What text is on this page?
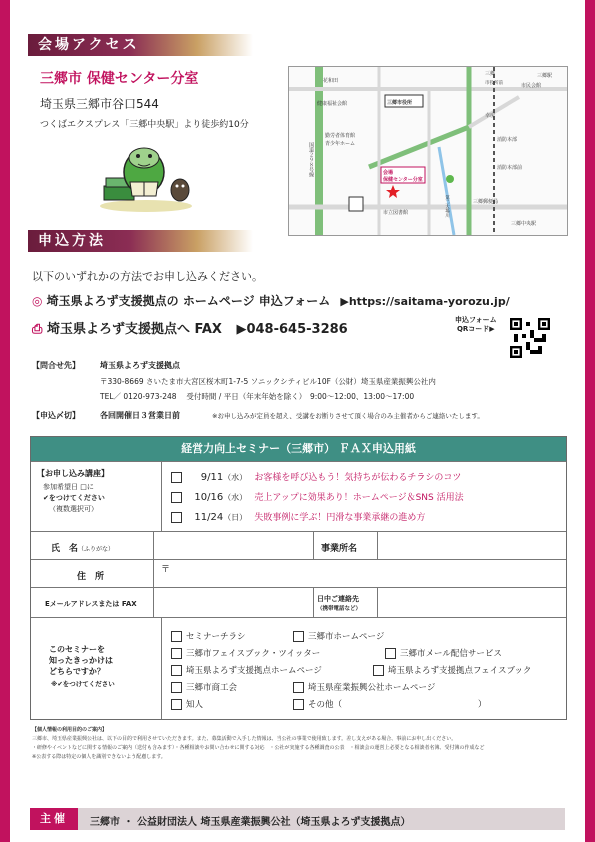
会場アクセス
三郷市 保健センター分室
埼玉県三郷市谷口544
つくばエクスプレス「三郷中央駅」より徒歩約10分
花和田
三郷	三郷駅
市役所前	市民会館
健康福祉会館	三郷市役所
幸房
勤労者体育館
青少年ホーム
消防本部
消防本部前
会場
保健センター分室
三郷郵便局
市立図書館
三郷中央駅
国道２９８号線
第二大場川
申込方法
以下のいずれかの方法でお申し込みください。
◎ 埼玉県よろず支援拠点の ホームページ 申込フォーム ▶https://saitama-yorozu.jp/
⎙ 埼玉県よろず支援拠点へ FAX ▶048-645-3286
申込フォーム
QRコード▶
【問合せ先】	埼玉県よろず支援拠点
〒330-8669 さいたま市大宮区桜木町1-7-5 ソニックシティビル10F（公財）埼玉県産業振興公社内
TEL／ 0120-973-248　 受付時間 / 平日（年末年始を除く）　9:00～12:00、13:00～17:00
【申込〆切】	各回開催日３営業日前	※お申し込みが定員を超え、受講をお断りさせて頂く場合のみ主催者からご連絡いたします。
経営力向上セミナー（三郷市） ＦＡＸ申込用紙
【お申し込み講座】
参加希望日 □に
✔をつけてください
（複数選択可）
9/11（水） お客様を呼び込もう！気持ちが伝わるチラシのコツ
10/16（水） 売上アップに効果あり！ホームページ＆SNS 活用法
11/24（日） 失敗事例に学ぶ！円滑な事業承継の進め方
氏　名（ふりがな）	事業所名
住　所
〒
Eメールアドレスまたは FAX
日中ご連絡先
（携帯電話など）
このセミナーを
知ったきっかけは
どちらですか？
※✔をつけてください
セミナーチラシ	三郷市ホームページ
三郷市フェイスブック・ツイッター	三郷市メール配信サービス
埼玉県よろず支援拠点ホームページ	埼玉県よろず支援拠点フェイスブック
三郷市商工会	埼玉県産業振興公社ホームページ
知人	その他（　　　　　　　　　　　　　　　　）
【個人情報の利用目的のご案内】
三郷市、埼玉県産業振興公社は、以下の目的で利用させていただきます。また、募集活動で入手した情報は、当公社の事業で使用致します。差し支えがある場合、事前にお申し出ください。
・研修やイベントなどに関する情報のご案内（送付も含みます）・各種相談やお問い合わせに関する対応　・公社が実施する各種調査の公表　・相談会の運営上必要となる相談者名簿、受付簿の作成など
※公表する際は特定の個人を識別できないよう配慮します。
主催	三郷市 ・ 公益財団法人 埼玉県産業振興公社（埼玉県よろず支援拠点）
